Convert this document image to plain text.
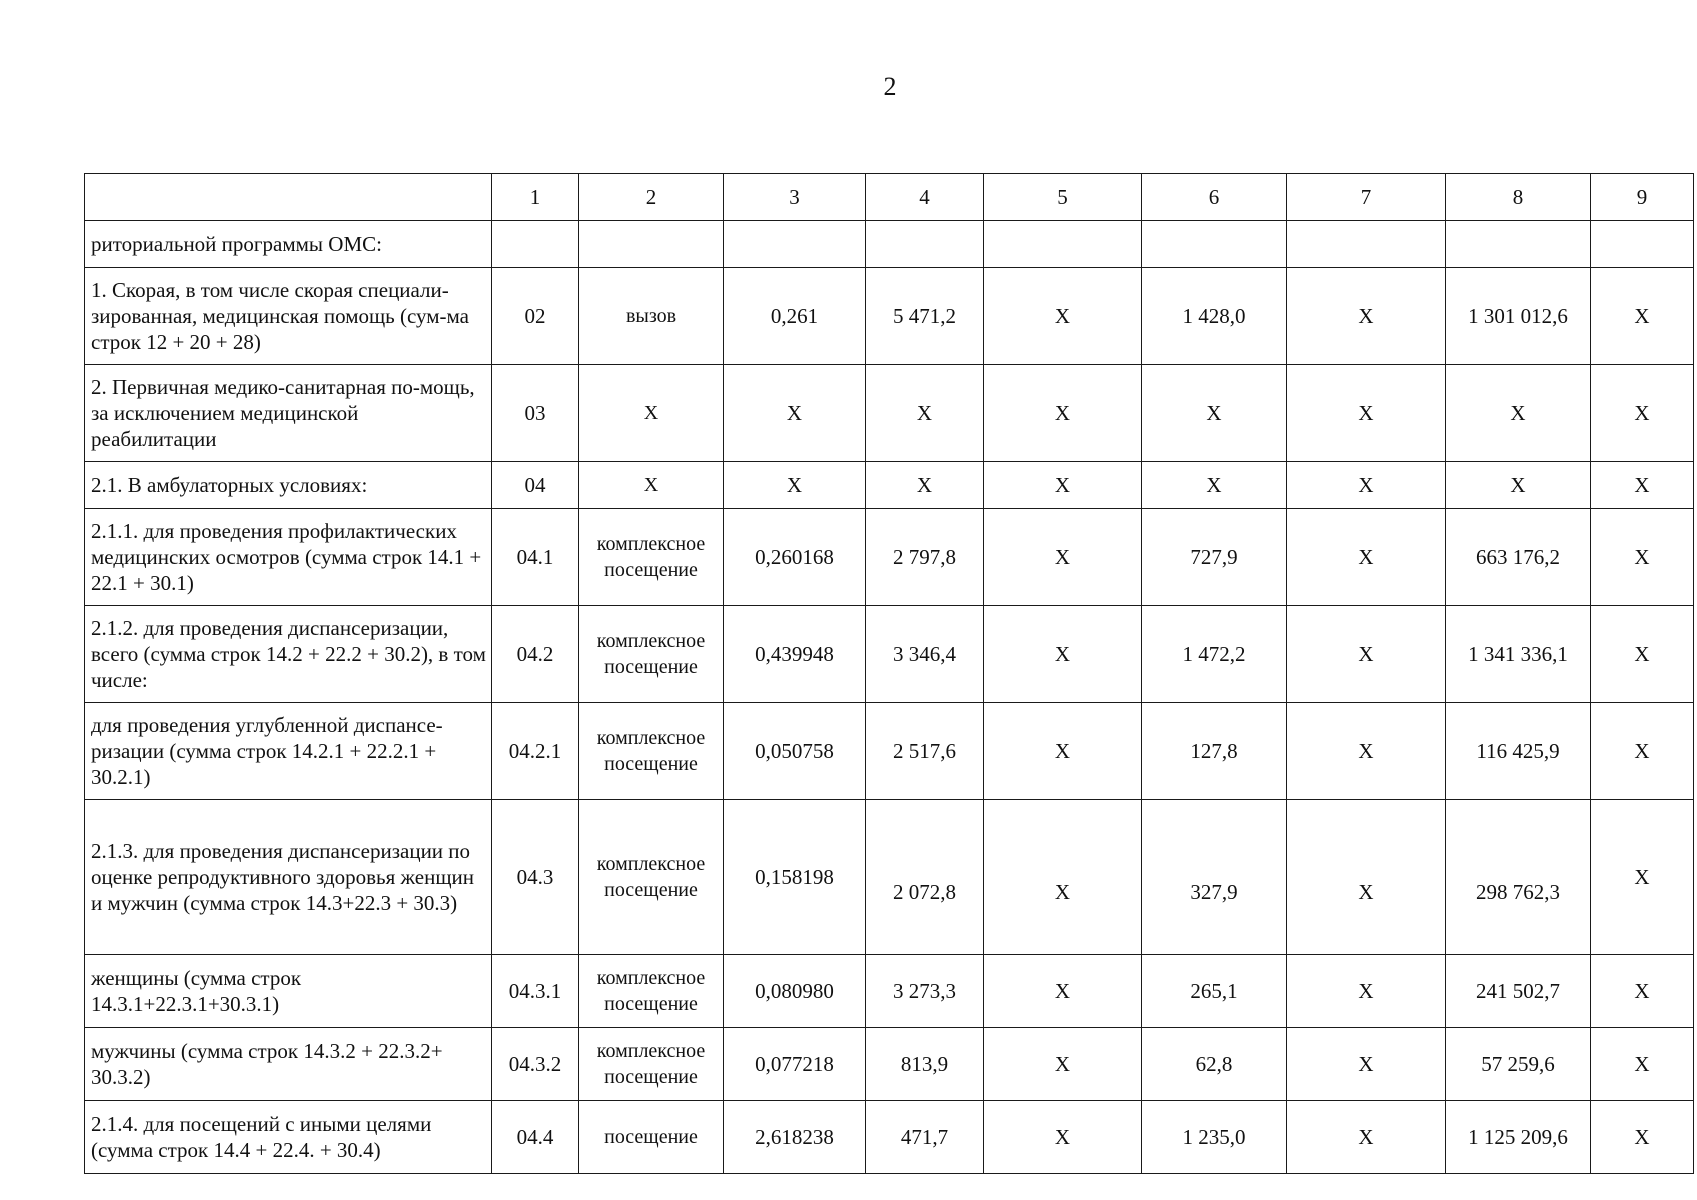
2
	1	2	3	4	5	6	7	8	9
риториальной программы ОМС:									
1. Скорая, в том числе скорая специали-зированная, медицинская помощь (сум-ма строк 12 + 20 + 28)	02	вызов	0,261	5 471,2	X	1 428,0	X	1 301 012,6	X
2. Первичная медико-санитарная по-мощь, за исключением медицинской реабилитации	03	X	X	X	X	X	X	X	X
2.1. В амбулаторных условиях:	04	X	X	X	X	X	X	X	X
2.1.1. для проведения профилактических медицинских осмотров (сумма строк 14.1 + 22.1 + 30.1)	04.1	комплексное посещение	0,260168	2 797,8	X	727,9	X	663 176,2	X
2.1.2. для проведения диспансеризации, всего (сумма строк 14.2 + 22.2 + 30.2), в том числе:	04.2	комплексное посещение	0,439948	3 346,4	X	1 472,2	X	1 341 336,1	X
для проведения углубленной диспансе-ризации (сумма строк 14.2.1 + 22.2.1 + 30.2.1)	04.2.1	комплексное посещение	0,050758	2 517,6	X	127,8	X	116 425,9	X
2.1.3. для проведения диспансеризации по оценке репродуктивного здоровья женщин и мужчин (сумма строк 14.3+22.3 + 30.3)	04.3	комплексное посещение	0,158198	2 072,8	X	327,9	X	298 762,3	X
женщины (сумма строк 14.3.1+22.3.1+30.3.1)	04.3.1	комплексное посещение	0,080980	3 273,3	X	265,1	X	241 502,7	X
мужчины (сумма строк 14.3.2 + 22.3.2+ 30.3.2)	04.3.2	комплексное посещение	0,077218	813,9	X	62,8	X	57 259,6	X
2.1.4. для посещений с иными целями (сумма строк 14.4 + 22.4. + 30.4)	04.4	посещение	2,618238	471,7	X	1 235,0	X	1 125 209,6	X
